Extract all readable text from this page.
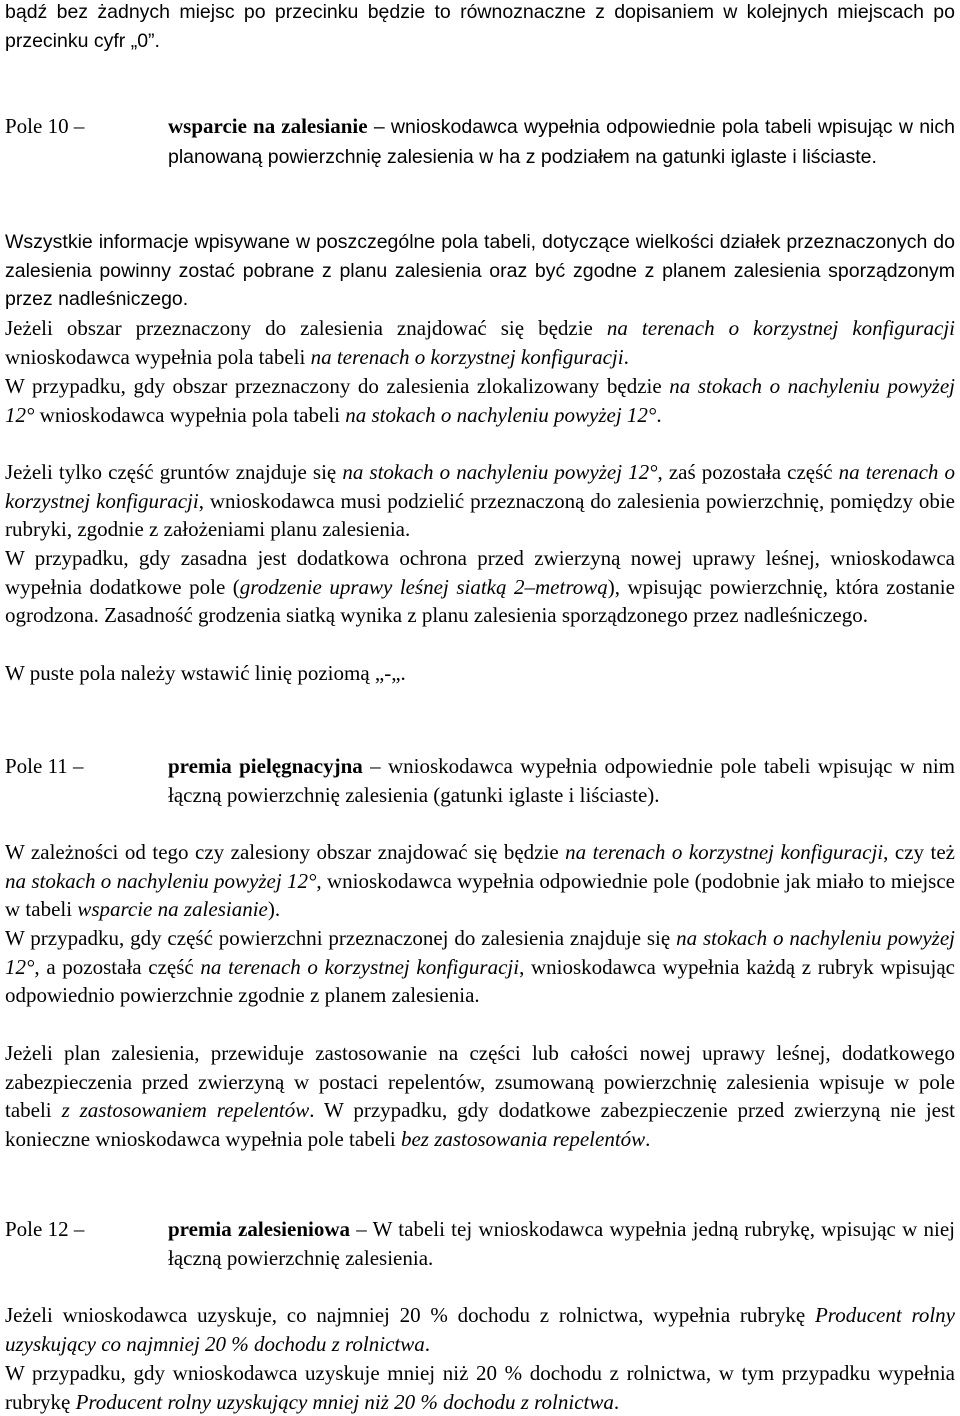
bądź bez żadnych miejsc po przecinku będzie to równoznaczne z dopisaniem w kolejnych miejscach po przecinku cyfr „0”.

Pole 10 –	wsparcie na zalesianie – wnioskodawca wypełnia odpowiednie pola tabeli wpisując w nich planowaną powierzchnię zalesienia w ha z podziałem na gatunki iglaste i liściaste.

Wszystkie informacje wpisywane w poszczególne pola tabeli, dotyczące wielkości działek przeznaczonych do zalesienia powinny zostać pobrane z planu zalesienia oraz być zgodne z planem zalesienia sporządzonym przez nadleśniczego.

Jeżeli obszar przeznaczony do zalesienia znajdować się będzie na terenach o korzystnej konfiguracji wnioskodawca wypełnia pola tabeli na terenach o korzystnej konfiguracji.

W przypadku, gdy obszar przeznaczony do zalesienia zlokalizowany będzie na stokach o nachyleniu powyżej 12° wnioskodawca wypełnia pola tabeli na stokach o nachyleniu powyżej 12°.

Jeżeli tylko część gruntów znajduje się na stokach o nachyleniu powyżej 12°, zaś pozostała część na terenach o korzystnej konfiguracji, wnioskodawca musi podzielić przeznaczoną do zalesienia powierzchnię, pomiędzy obie rubryki, zgodnie z założeniami planu zalesienia.

W przypadku, gdy zasadna jest dodatkowa ochrona przed zwierzyną nowej uprawy leśnej, wnioskodawca wypełnia dodatkowe pole (grodzenie uprawy leśnej siatką 2–metrową), wpisując powierzchnię, która zostanie ogrodzona. Zasadność grodzenia siatką wynika z planu zalesienia sporządzonego przez nadleśniczego.

W puste pola należy wstawić linię poziomą „-„.

Pole 11 –	premia pielęgnacyjna – wnioskodawca wypełnia odpowiednie pole tabeli wpisując w nim łączną powierzchnię zalesienia (gatunki iglaste i liściaste).

W zależności od tego czy zalesiony obszar znajdować się będzie na terenach o korzystnej konfiguracji, czy też na stokach o nachyleniu powyżej 12°, wnioskodawca wypełnia odpowiednie pole (podobnie jak miało to miejsce w tabeli wsparcie na zalesianie).

W przypadku, gdy część powierzchni przeznaczonej do zalesienia znajduje się na stokach o nachyleniu powyżej 12°, a pozostała część na terenach o korzystnej konfiguracji, wnioskodawca wypełnia każdą z rubryk wpisując odpowiednio powierzchnie zgodnie z planem zalesienia.

Jeżeli plan zalesienia, przewiduje zastosowanie na części lub całości nowej uprawy leśnej, dodatkowego zabezpieczenia przed zwierzyną w postaci repelentów, zsumowaną powierzchnię zalesienia wpisuje w pole tabeli z zastosowaniem repelentów. W przypadku, gdy dodatkowe zabezpieczenie przed zwierzyną nie jest konieczne wnioskodawca wypełnia pole tabeli bez zastosowania repelentów.

Pole 12 –	premia zalesieniowa – W tabeli tej wnioskodawca wypełnia jedną rubrykę, wpisując w niej łączną powierzchnię zalesienia.

Jeżeli wnioskodawca uzyskuje, co najmniej 20 % dochodu z rolnictwa, wypełnia rubrykę Producent rolny uzyskujący co najmniej 20 % dochodu z rolnictwa.

W przypadku, gdy wnioskodawca uzyskuje mniej niż 20 % dochodu z rolnictwa, w tym przypadku wypełnia rubrykę Producent rolny uzyskujący mniej niż 20 % dochodu z rolnictwa.
